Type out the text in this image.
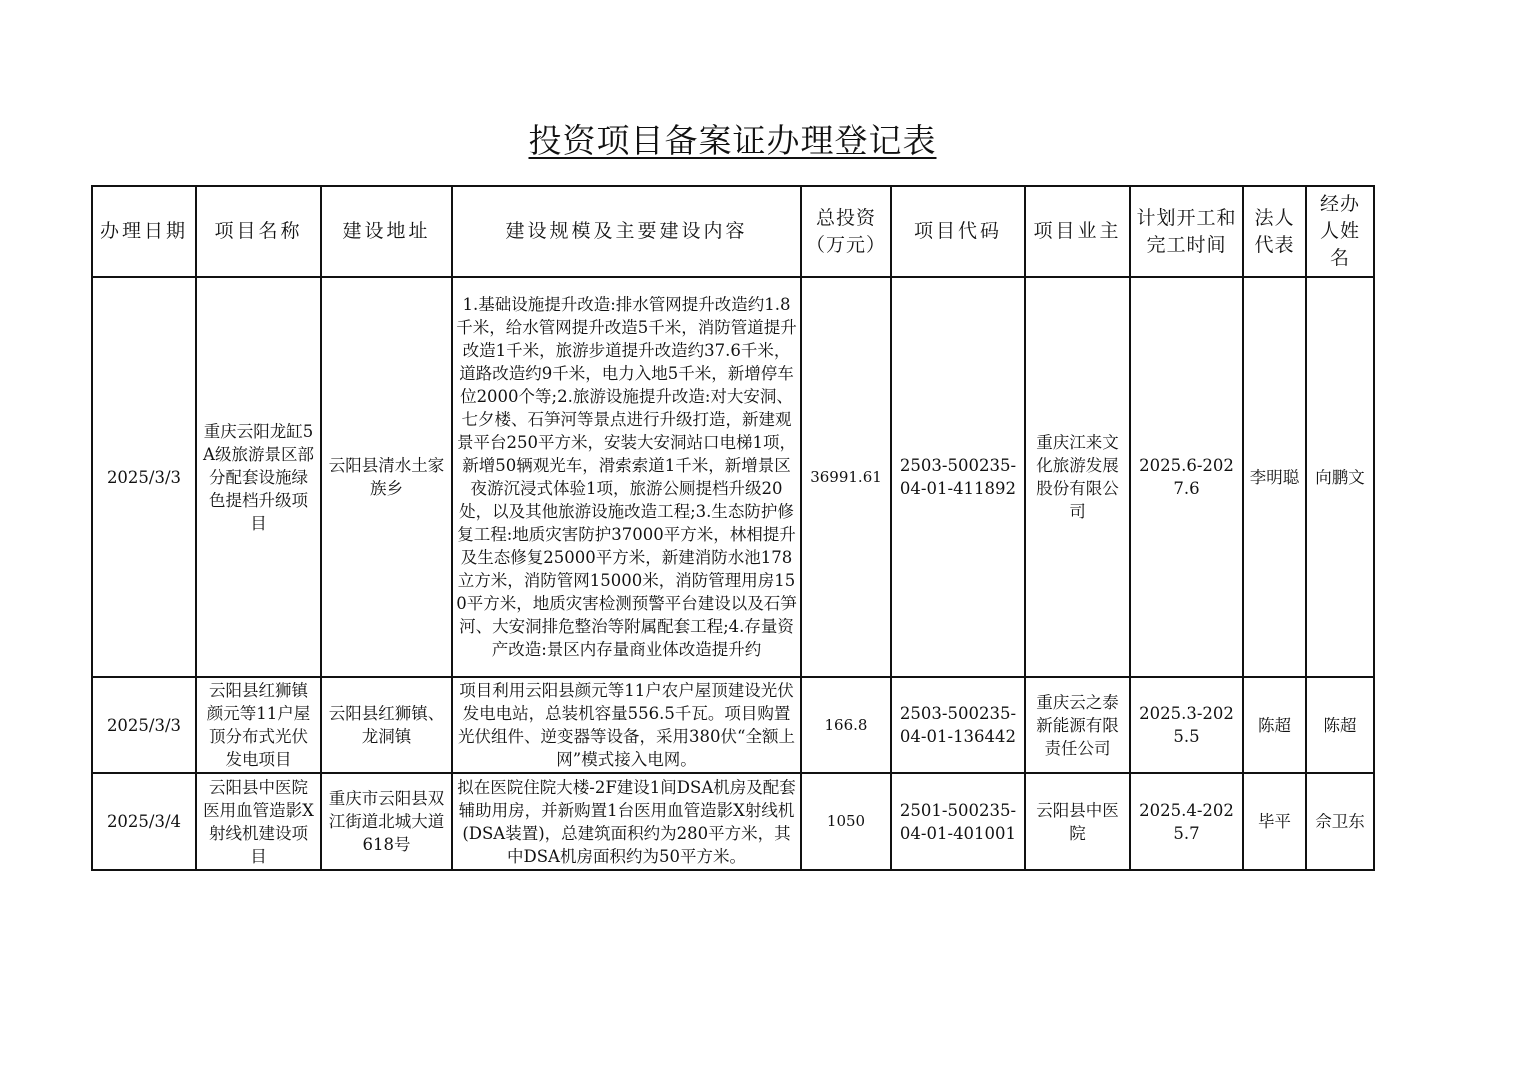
投资项目备案证办理登记表
办理日期	项目名称	建设地址	建设规模及主要建设内容	总投资（万元）	项目代码	项目业主	计划开工和完工时间	法人代表	经办人姓名
2025/3/3	重庆云阳龙缸5A级旅游景区部分配套设施绿色提档升级项目	云阳县清水土家族乡	1.基础设施提升改造:排水管网提升改造约1.8千米，给水管网提升改造5千米，消防管道提升改造1千米，旅游步道提升改造约37.6千米，道路改造约9千米，电力入地5千米，新增停车位2000个等;2.旅游设施提升改造:对大安洞、七夕楼、石笋河等景点进行升级打造，新建观景平台250平方米，安装大安洞站口电梯1项，新增50辆观光车，滑索索道1千米，新增景区夜游沉浸式体验1项，旅游公厕提档升级20处，以及其他旅游设施改造工程;3.生态防护修复工程:地质灾害防护37000平方米，林相提升及生态修复25000平方米，新建消防水池178立方米，消防管网15000米，消防管理用房150平方米，地质灾害检测预警平台建设以及石笋河、大安洞排危整治等附属配套工程;4.存量资产改造:景区内存量商业体改造提升约	36991.61	2503-500235-04-01-411892	重庆江来文化旅游发展股份有限公司	2025.6-2027.6	李明聪	向鹏文
2025/3/3	云阳县红狮镇颜元等11户屋顶分布式光伏发电项目	云阳县红狮镇、龙洞镇	项目利用云阳县颜元等11户农户屋顶建设光伏发电电站，总装机容量556.5千瓦。项目购置光伏组件、逆变器等设备，采用380伏“全额上网”模式接入电网。	166.8	2503-500235-04-01-136442	重庆云之泰新能源有限责任公司	2025.3-2025.5	陈超	陈超
2025/3/4	云阳县中医院医用血管造影X射线机建设项目	重庆市云阳县双江街道北城大道618号	拟在医院住院大楼-2F建设1间DSA机房及配套辅助用房，并新购置1台医用血管造影X射线机(DSA装置)，总建筑面积约为280平方米，其中DSA机房面积约为50平方米。	1050	2501-500235-04-01-401001	云阳县中医院	2025.4-2025.7	毕平	佘卫东
